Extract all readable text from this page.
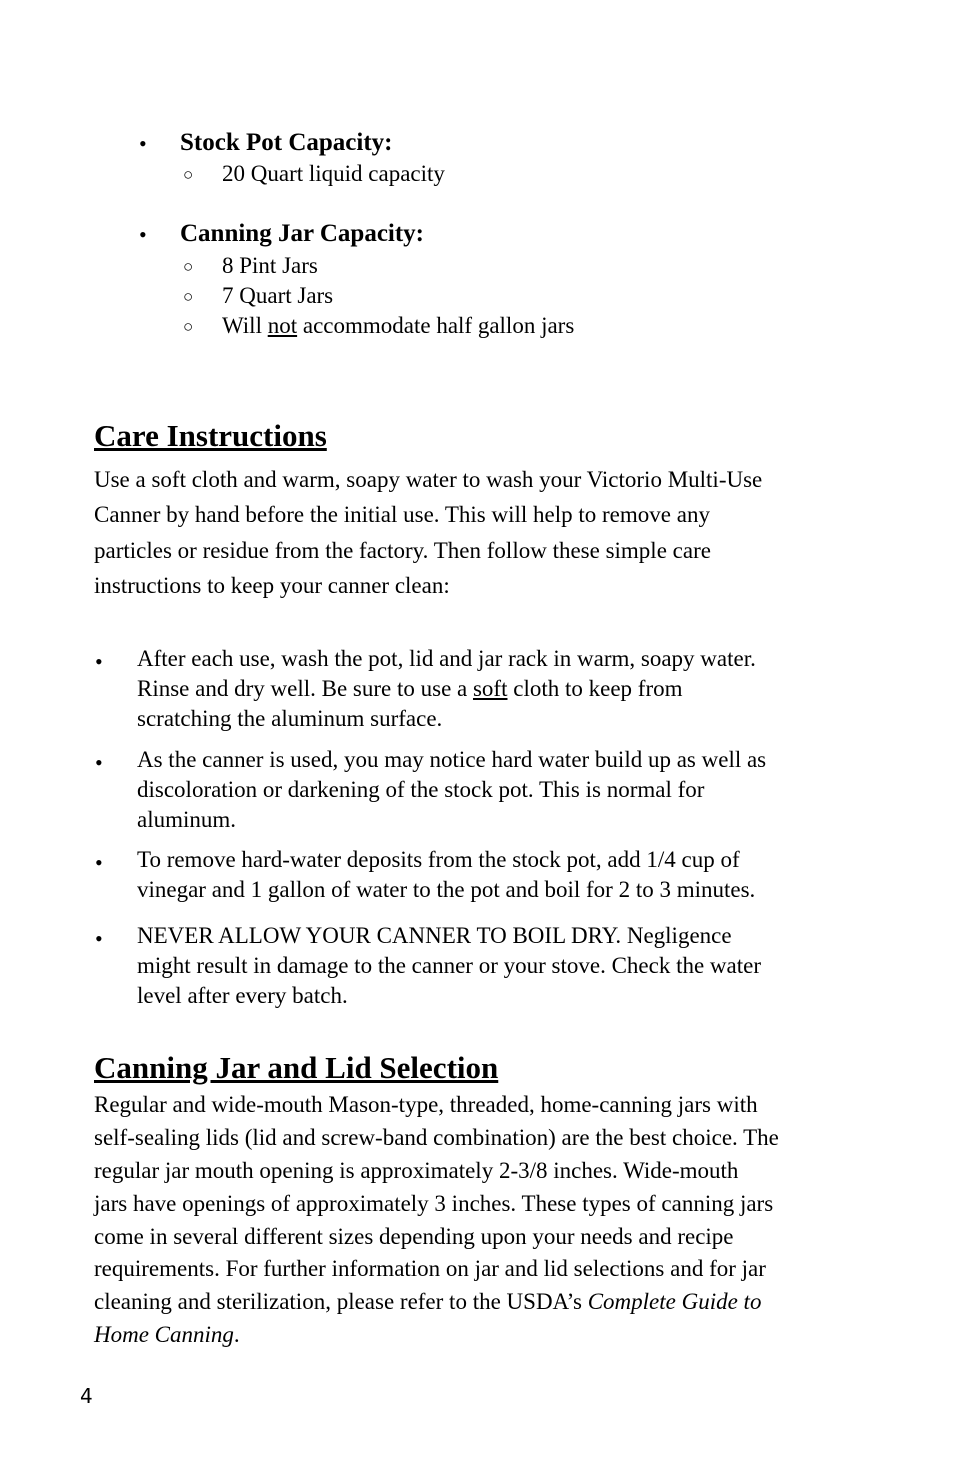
• Stock Pot Capacity:
○ 20 Quart liquid capacity
• Canning Jar Capacity:
○ 8 Pint Jars
○ 7 Quart Jars
○ Will not accommodate half gallon jars
Care Instructions
Use a soft cloth and warm, soapy water to wash your Victorio Multi-Use
Canner by hand before the initial use. This will help to remove any
particles or residue from the factory. Then follow these simple care
instructions to keep your canner clean:
• After each use, wash the pot, lid and jar rack in warm, soapy water.
Rinse and dry well. Be sure to use a soft cloth to keep from
scratching the aluminum surface.
• As the canner is used, you may notice hard water build up as well as
discoloration or darkening of the stock pot. This is normal for
aluminum.
• To remove hard-water deposits from the stock pot, add 1/4 cup of
vinegar and 1 gallon of water to the pot and boil for 2 to 3 minutes.
• NEVER ALLOW YOUR CANNER TO BOIL DRY. Negligence
might result in damage to the canner or your stove. Check the water
level after every batch.
Canning Jar and Lid Selection
Regular and wide-mouth Mason-type, threaded, home-canning jars with
self-sealing lids (lid and screw-band combination) are the best choice. The
regular jar mouth opening is approximately 2-3/8 inches. Wide-mouth
jars have openings of approximately 3 inches. These types of canning jars
come in several different sizes depending upon your needs and recipe
requirements. For further information on jar and lid selections and for jar
cleaning and sterilization, please refer to the USDA’s Complete Guide to
Home Canning.
4
